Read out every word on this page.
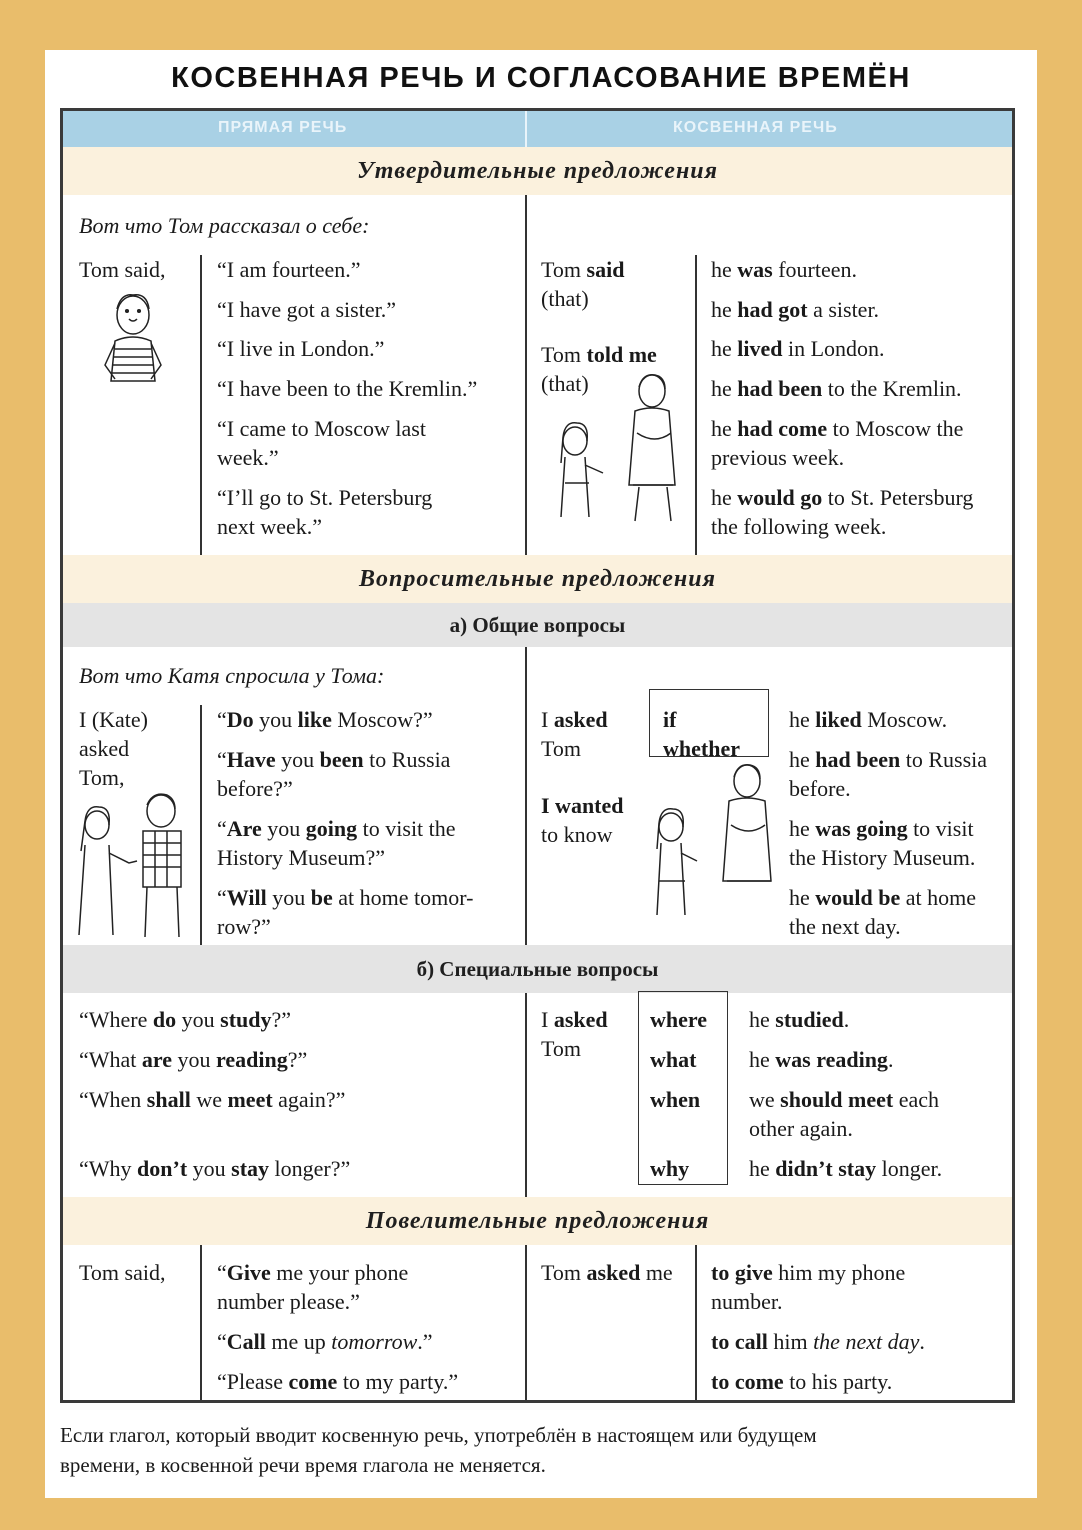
КОСВЕННАЯ РЕЧЬ И СОГЛАСОВАНИЕ ВРЕМЁН
ПРЯМАЯ РЕЧЬ	КОСВЕННАЯ РЕЧЬ
Утвердительные предложения
Вот что Том рассказал о себе:
Tom said, “I am fourteen.”
“I have got a sister.”
“I live in London.”
“I have been to the Kremlin.”
“I came to Moscow last
week.”
“I’ll go to St. Petersburg
next week.”
Tom said
(that)
Tom told me
(that)
he was fourteen.
he had got a sister.
he lived in London.
he had been to the Kremlin.
he had come to Moscow the
previous week.
he would go to St. Petersburg
the following week.
Вопросительные предложения
а) Общие вопросы
Вот что Катя спросила у Тома:
I (Kate)
asked
Tom,
“Do you like Moscow?”
“Have you been to Russia
before?”
“Are you going to visit the
History Museum?”
“Will you be at home tomor-
row?”
I asked
Tom
I wanted
to know
if
whether
he liked Moscow.
he had been to Russia
before.
he was going to visit
the History Museum.
he would be at home
the next day.
б) Специальные вопросы
“Where do you study?”
“What are you reading?”
“When shall we meet again?”
“Why don’t you stay longer?”
I asked
Tom
where
what
when
why
he studied.
he was reading.
we should meet each
other again.
he didn’t stay longer.
Повелительные предложения
Tom said, “Give me your phone
number please.”
“Call me up tomorrow.”
“Please come to my party.”
Tom asked me to give him my phone
number.
to call him the next day.
to come to his party.
Если глагол, который вводит косвенную речь, употреблён в настоящем или будущем
времени, в косвенной речи время глагола не меняется.
